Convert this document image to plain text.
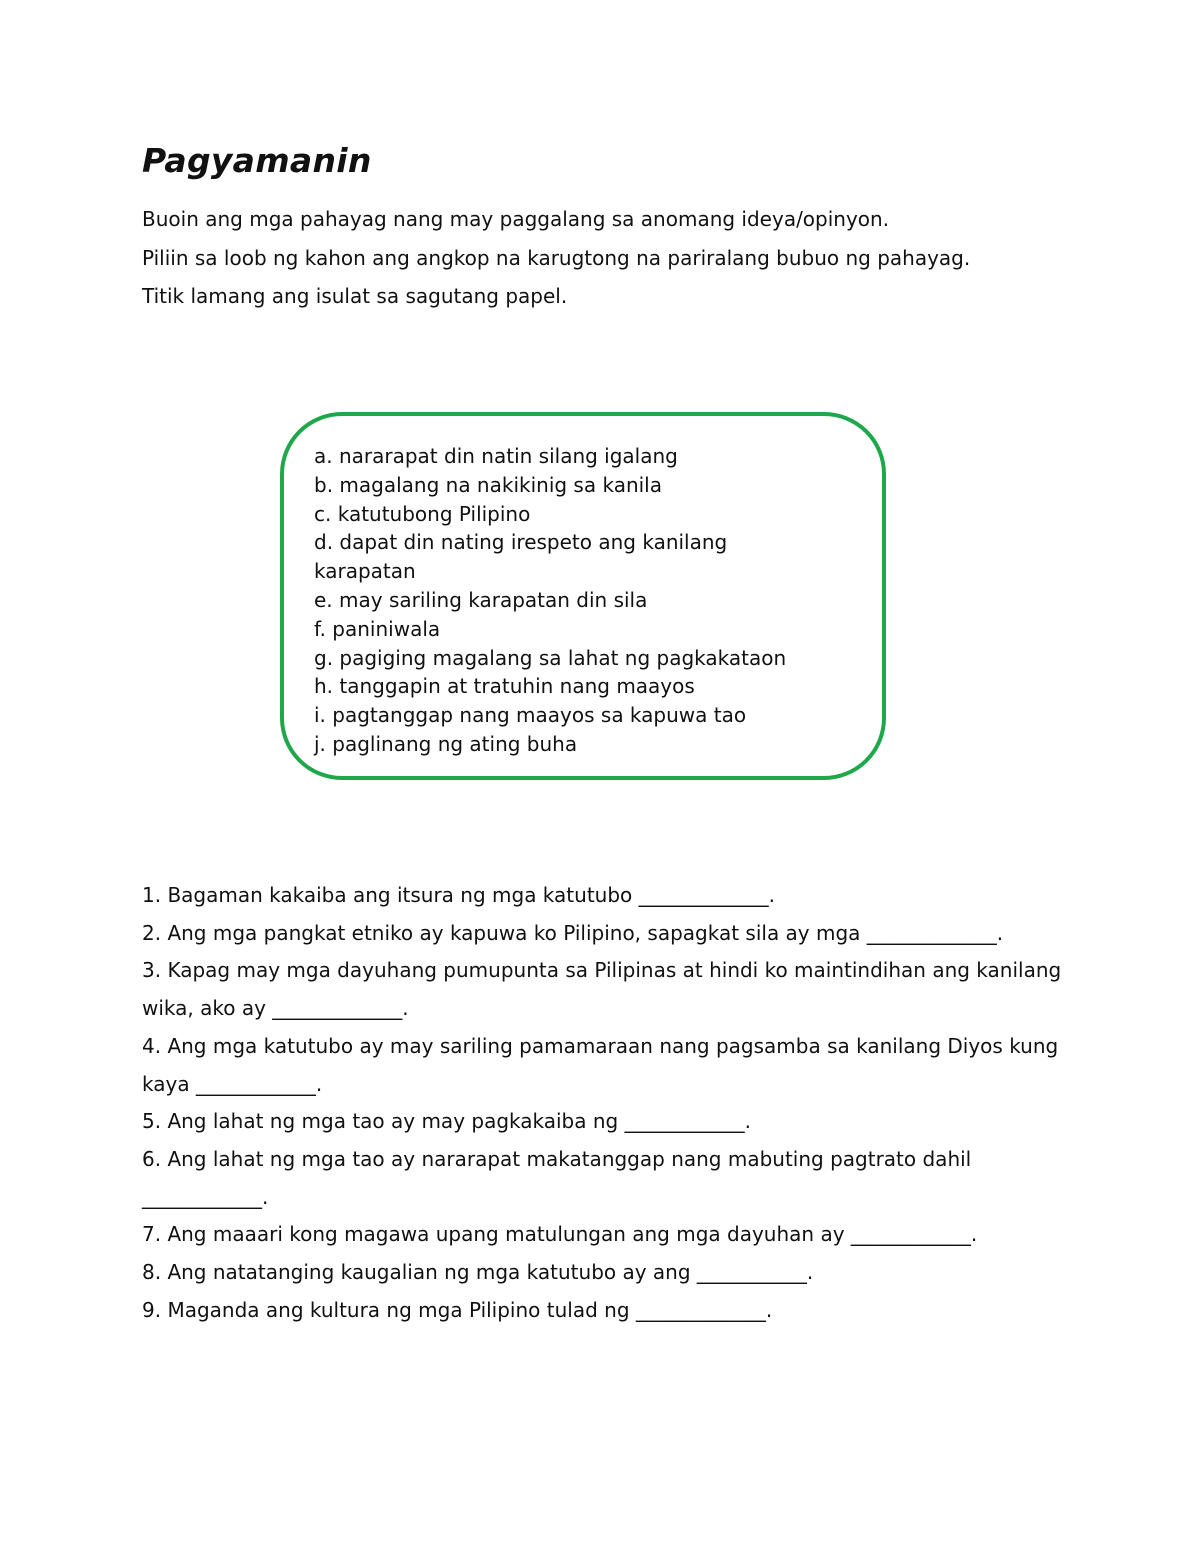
Pagyamanin

Buoin ang mga pahayag nang may paggalang sa anomang ideya/opinyon.

Piliin sa loob ng kahon ang angkop na karugtong na pariralang bubuo ng pahayag.

Titik lamang ang isulat sa sagutang papel.

a. nararapat din natin silang igalang
b. magalang na nakikinig sa kanila
c. katutubong Pilipino
d. dapat din nating irespeto ang kanilang karapatan
e. may sariling karapatan din sila
f. paniniwala
g. pagiging magalang sa lahat ng pagkakataon
h. tanggapin at tratuhin nang maayos
i. pagtanggap nang maayos sa kapuwa tao
j. paglinang ng ating buha
1. Bagaman kakaiba ang itsura ng mga katutubo _____________.
2. Ang mga pangkat etniko ay kapuwa ko Pilipino, sapagkat sila ay mga _____________.
3. Kapag may mga dayuhang pumupunta sa Pilipinas at hindi ko maintindihan ang kanilang wika, ako ay _____________.
4. Ang mga katutubo ay may sariling pamamaraan nang pagsamba sa kanilang Diyos kung kaya ____________.
5. Ang lahat ng mga tao ay may pagkakaiba ng ____________.
6. Ang lahat ng mga tao ay nararapat makatanggap nang mabuting pagtrato dahil ____________.
7. Ang maaari kong magawa upang matulungan ang mga dayuhan ay ____________.
8. Ang natatanging kaugalian ng mga katutubo ay ang ___________.
9. Maganda ang kultura ng mga Pilipino tulad ng _____________.
